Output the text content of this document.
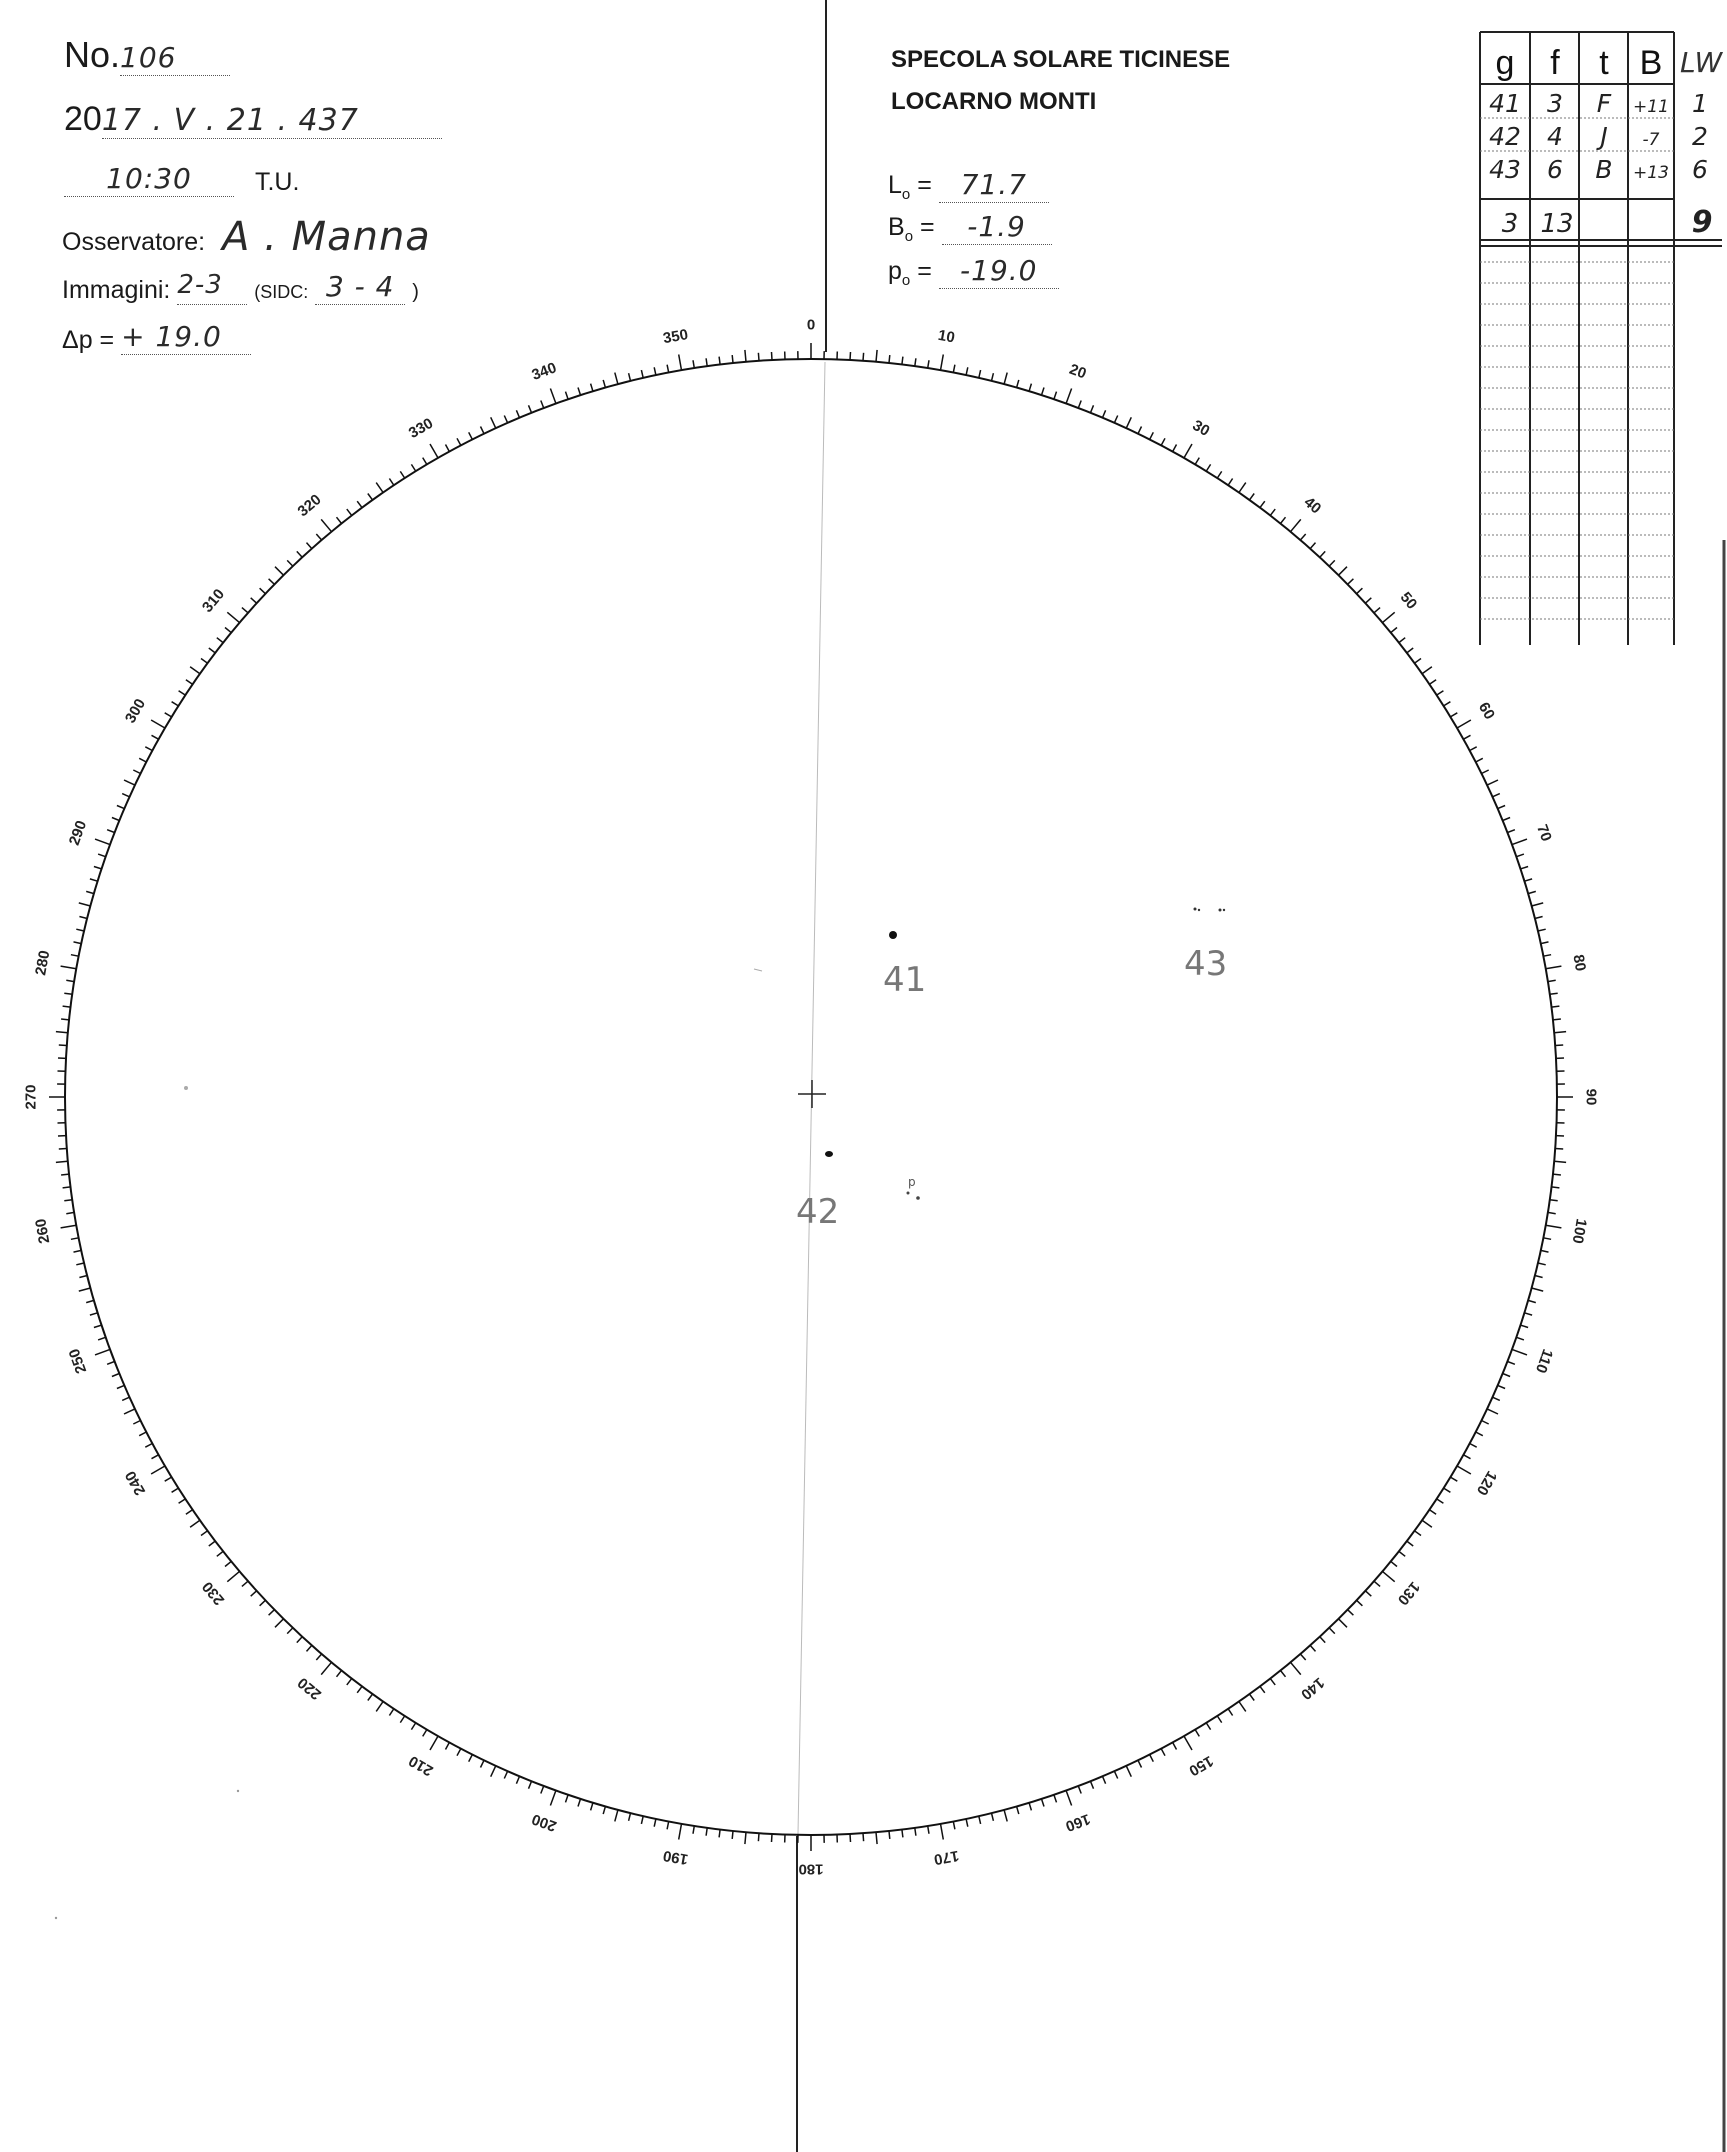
No.106
2017 . V . 21 . 437
10:30	T.U.
Osservatore: A . Manna
Immagini: 2-3 (SIDC: 3 - 4 )
Δp = + 19.0
SPECOLA SOLARE TICINESE
LOCARNO MONTI
$L_o = 71.7$
$B_o = -1.9$
$p_o = -19.0$
0
10
20
30
40
50
60
70
80
90
100
110
120
130
140
150
160
170
180
190
200
210
220
230
240
250
260
270
280
290
300
310
320
330
340
350
p
41
42
43
g f t B LW
41 3 F +11 1
42 4 J -7 2
43 6 B +13 6
3 13	9
